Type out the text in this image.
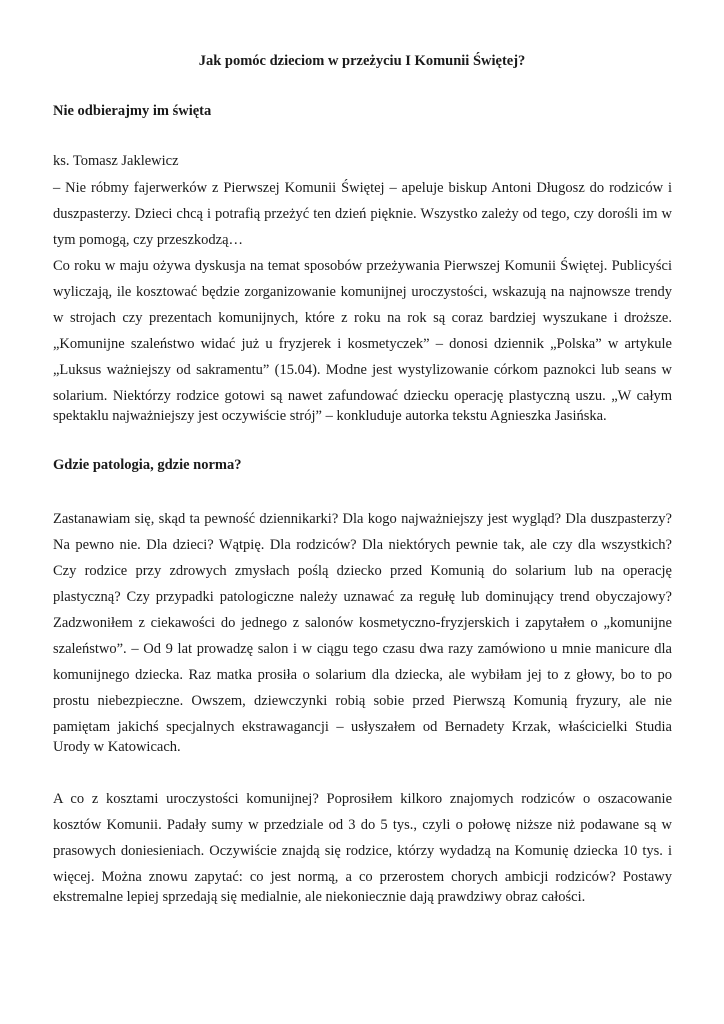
Jak pomóc dzieciom w przeżyciu I Komunii Świętej?
Nie odbierajmy im święta

ks. Tomasz Jaklewicz

– Nie róbmy fajerwerków z Pierwszej Komunii Świętej – apeluje biskup Antoni Długosz do rodziców i

duszpasterzy. Dzieci chcą i potrafią przeżyć ten dzień pięknie. Wszystko zależy od tego, czy dorośli im w

tym pomogą, czy przeszkodzą…

Co roku w maju ożywa dyskusja na temat sposobów przeżywania Pierwszej Komunii Świętej. Publicyści

wyliczają, ile kosztować będzie zorganizowanie komunijnej uroczystości, wskazują na najnowsze trendy

w strojach czy prezentach komunijnych, które z roku na rok są coraz bardziej wyszukane i droższe.

„Komunijne szaleństwo widać już u fryzjerek i kosmetyczek” – donosi dziennik „Polska” w artykule

„Luksus ważniejszy od sakramentu” (15.04). Modne jest wystylizowanie córkom paznokci lub seans w

solarium. Niektórzy rodzice gotowi są nawet zafundować dziecku operację plastyczną uszu. „W całym

spektaklu najważniejszy jest oczywiście strój” – konkluduje autorka tekstu Agnieszka Jasińska.

Gdzie patologia, gdzie norma?

Zastanawiam się, skąd ta pewność dziennikarki? Dla kogo najważniejszy jest wygląd? Dla duszpasterzy?

Na pewno nie. Dla dzieci? Wątpię. Dla rodziców? Dla niektórych pewnie tak, ale czy dla wszystkich?

Czy rodzice przy zdrowych zmysłach poślą dziecko przed Komunią do solarium lub na operację

plastyczną? Czy przypadki patologiczne należy uznawać za regułę lub dominujący trend obyczajowy?

Zadzwoniłem z ciekawości do jednego z salonów kosmetyczno-fryzjerskich i zapytałem o „komunijne

szaleństwo”. – Od 9 lat prowadzę salon i w ciągu tego czasu dwa razy zamówiono u mnie manicure dla

komunijnego dziecka. Raz matka prosiła o solarium dla dziecka, ale wybiłam jej to z głowy, bo to po

prostu niebezpieczne. Owszem, dziewczynki robią sobie przed Pierwszą Komunią fryzury, ale nie

pamiętam jakichś specjalnych ekstrawagancji – usłyszałem od Bernadety Krzak, właścicielki Studia

Urody w Katowicach.

A co z kosztami uroczystości komunijnej? Poprosiłem kilkoro znajomych rodziców o oszacowanie

kosztów Komunii. Padały sumy w przedziale od 3 do 5 tys., czyli o połowę niższe niż podawane są w

prasowych doniesieniach. Oczywiście znajdą się rodzice, którzy wydadzą na Komunię dziecka 10 tys. i

więcej. Można znowu zapytać: co jest normą, a co przerostem chorych ambicji rodziców? Postawy

ekstremalne lepiej sprzedają się medialnie, ale niekoniecznie dają prawdziwy obraz całości.
